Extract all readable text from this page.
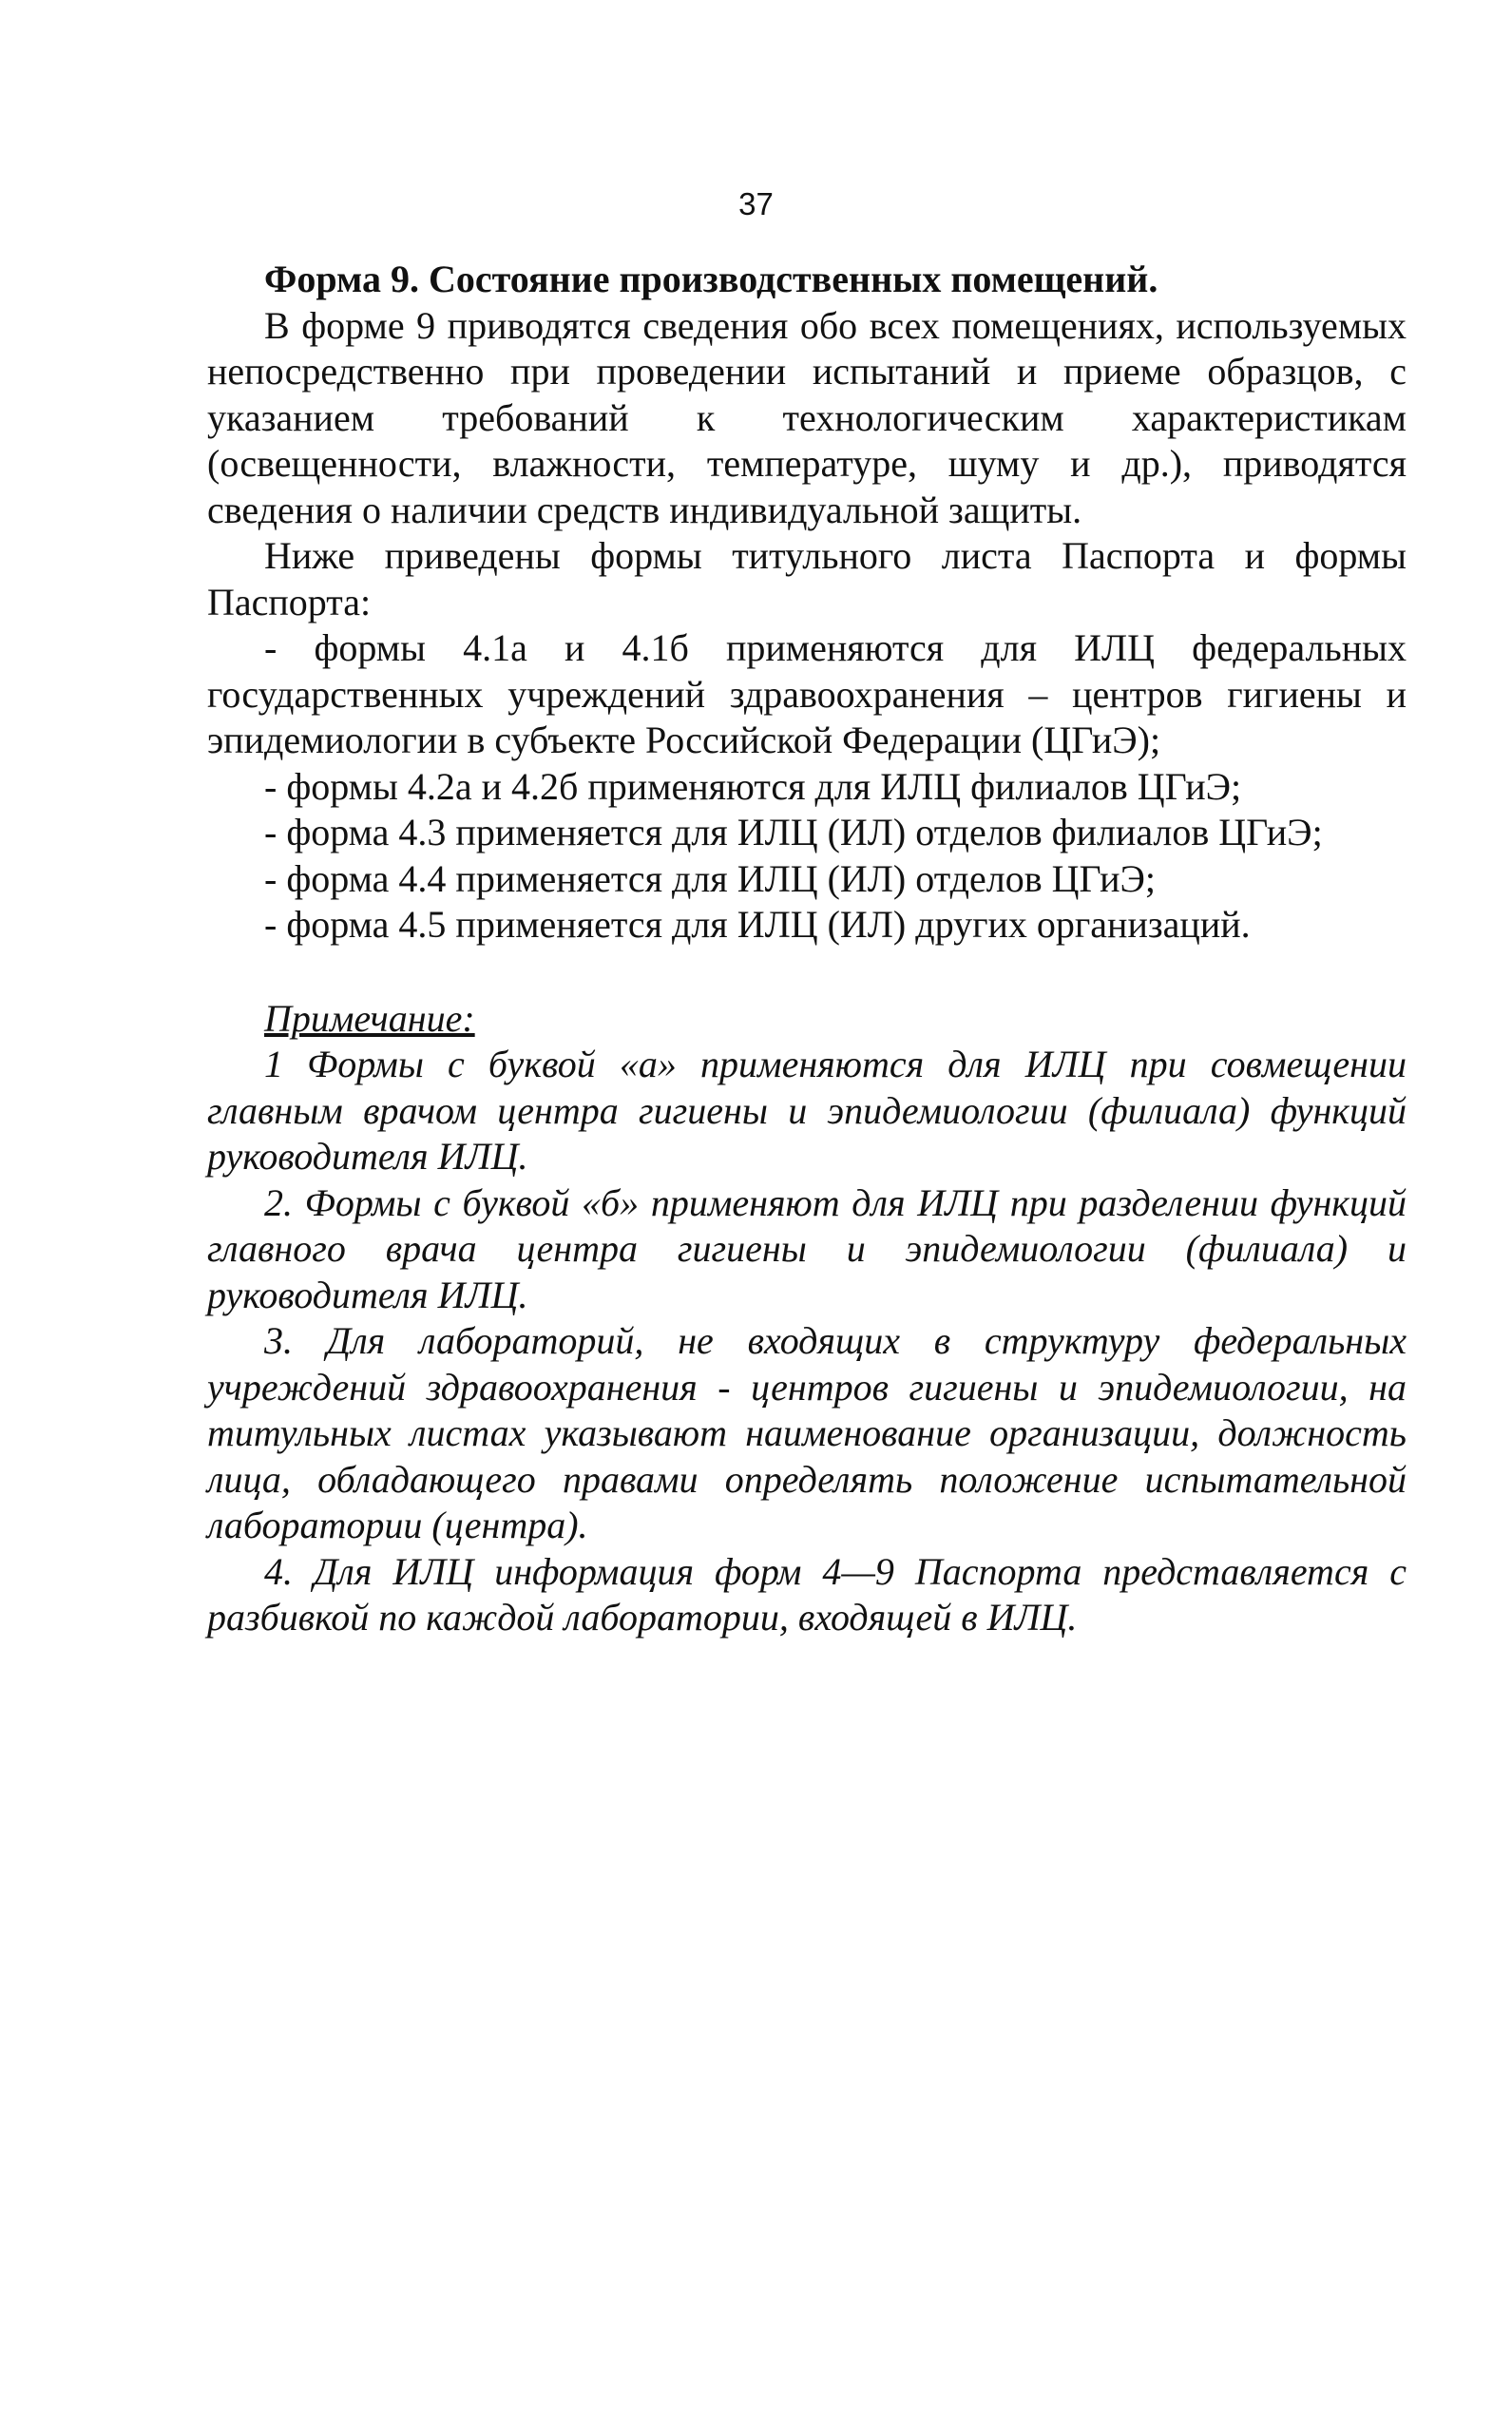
37

Форма 9. Состояние производственных помещений.

В форме 9 приводятся сведения обо всех помещениях, используемых непосредственно при проведении испытаний и приеме образцов, с указанием требований к технологическим характеристикам (освещенности, влажности, температуре, шуму и др.), приводятся сведения о наличии средств индивидуальной защиты.

Ниже приведены формы титульного листа Паспорта и формы Паспорта:

- формы 4.1а и 4.1б применяются для ИЛЦ федеральных государственных учреждений здравоохранения – центров гигиены и эпидемиологии в субъекте Российской Федерации (ЦГиЭ);

- формы 4.2а и 4.2б применяются для ИЛЦ филиалов ЦГиЭ;

- форма 4.3 применяется для ИЛЦ (ИЛ) отделов филиалов ЦГиЭ;

- форма 4.4 применяется для ИЛЦ (ИЛ) отделов ЦГиЭ;

- форма 4.5 применяется для ИЛЦ (ИЛ) других организаций.

Примечание:

1 Формы с буквой «а» применяются для ИЛЦ при совмещении главным врачом центра гигиены и эпидемиологии (филиала) функций руководителя ИЛЦ.

2. Формы с буквой «б» применяют для ИЛЦ при разделении функций главного врача центра гигиены и эпидемиологии (филиала) и руководителя ИЛЦ.

3. Для лабораторий, не входящих в структуру федеральных учреждений здравоохранения - центров гигиены и эпидемиологии, на титульных листах указывают наименование организации, должность лица, обладающего правами определять положение испытательной лаборатории (центра).

4. Для ИЛЦ информация форм 4—9 Паспорта представляется с разбивкой по каждой лаборатории, входящей в ИЛЦ.
